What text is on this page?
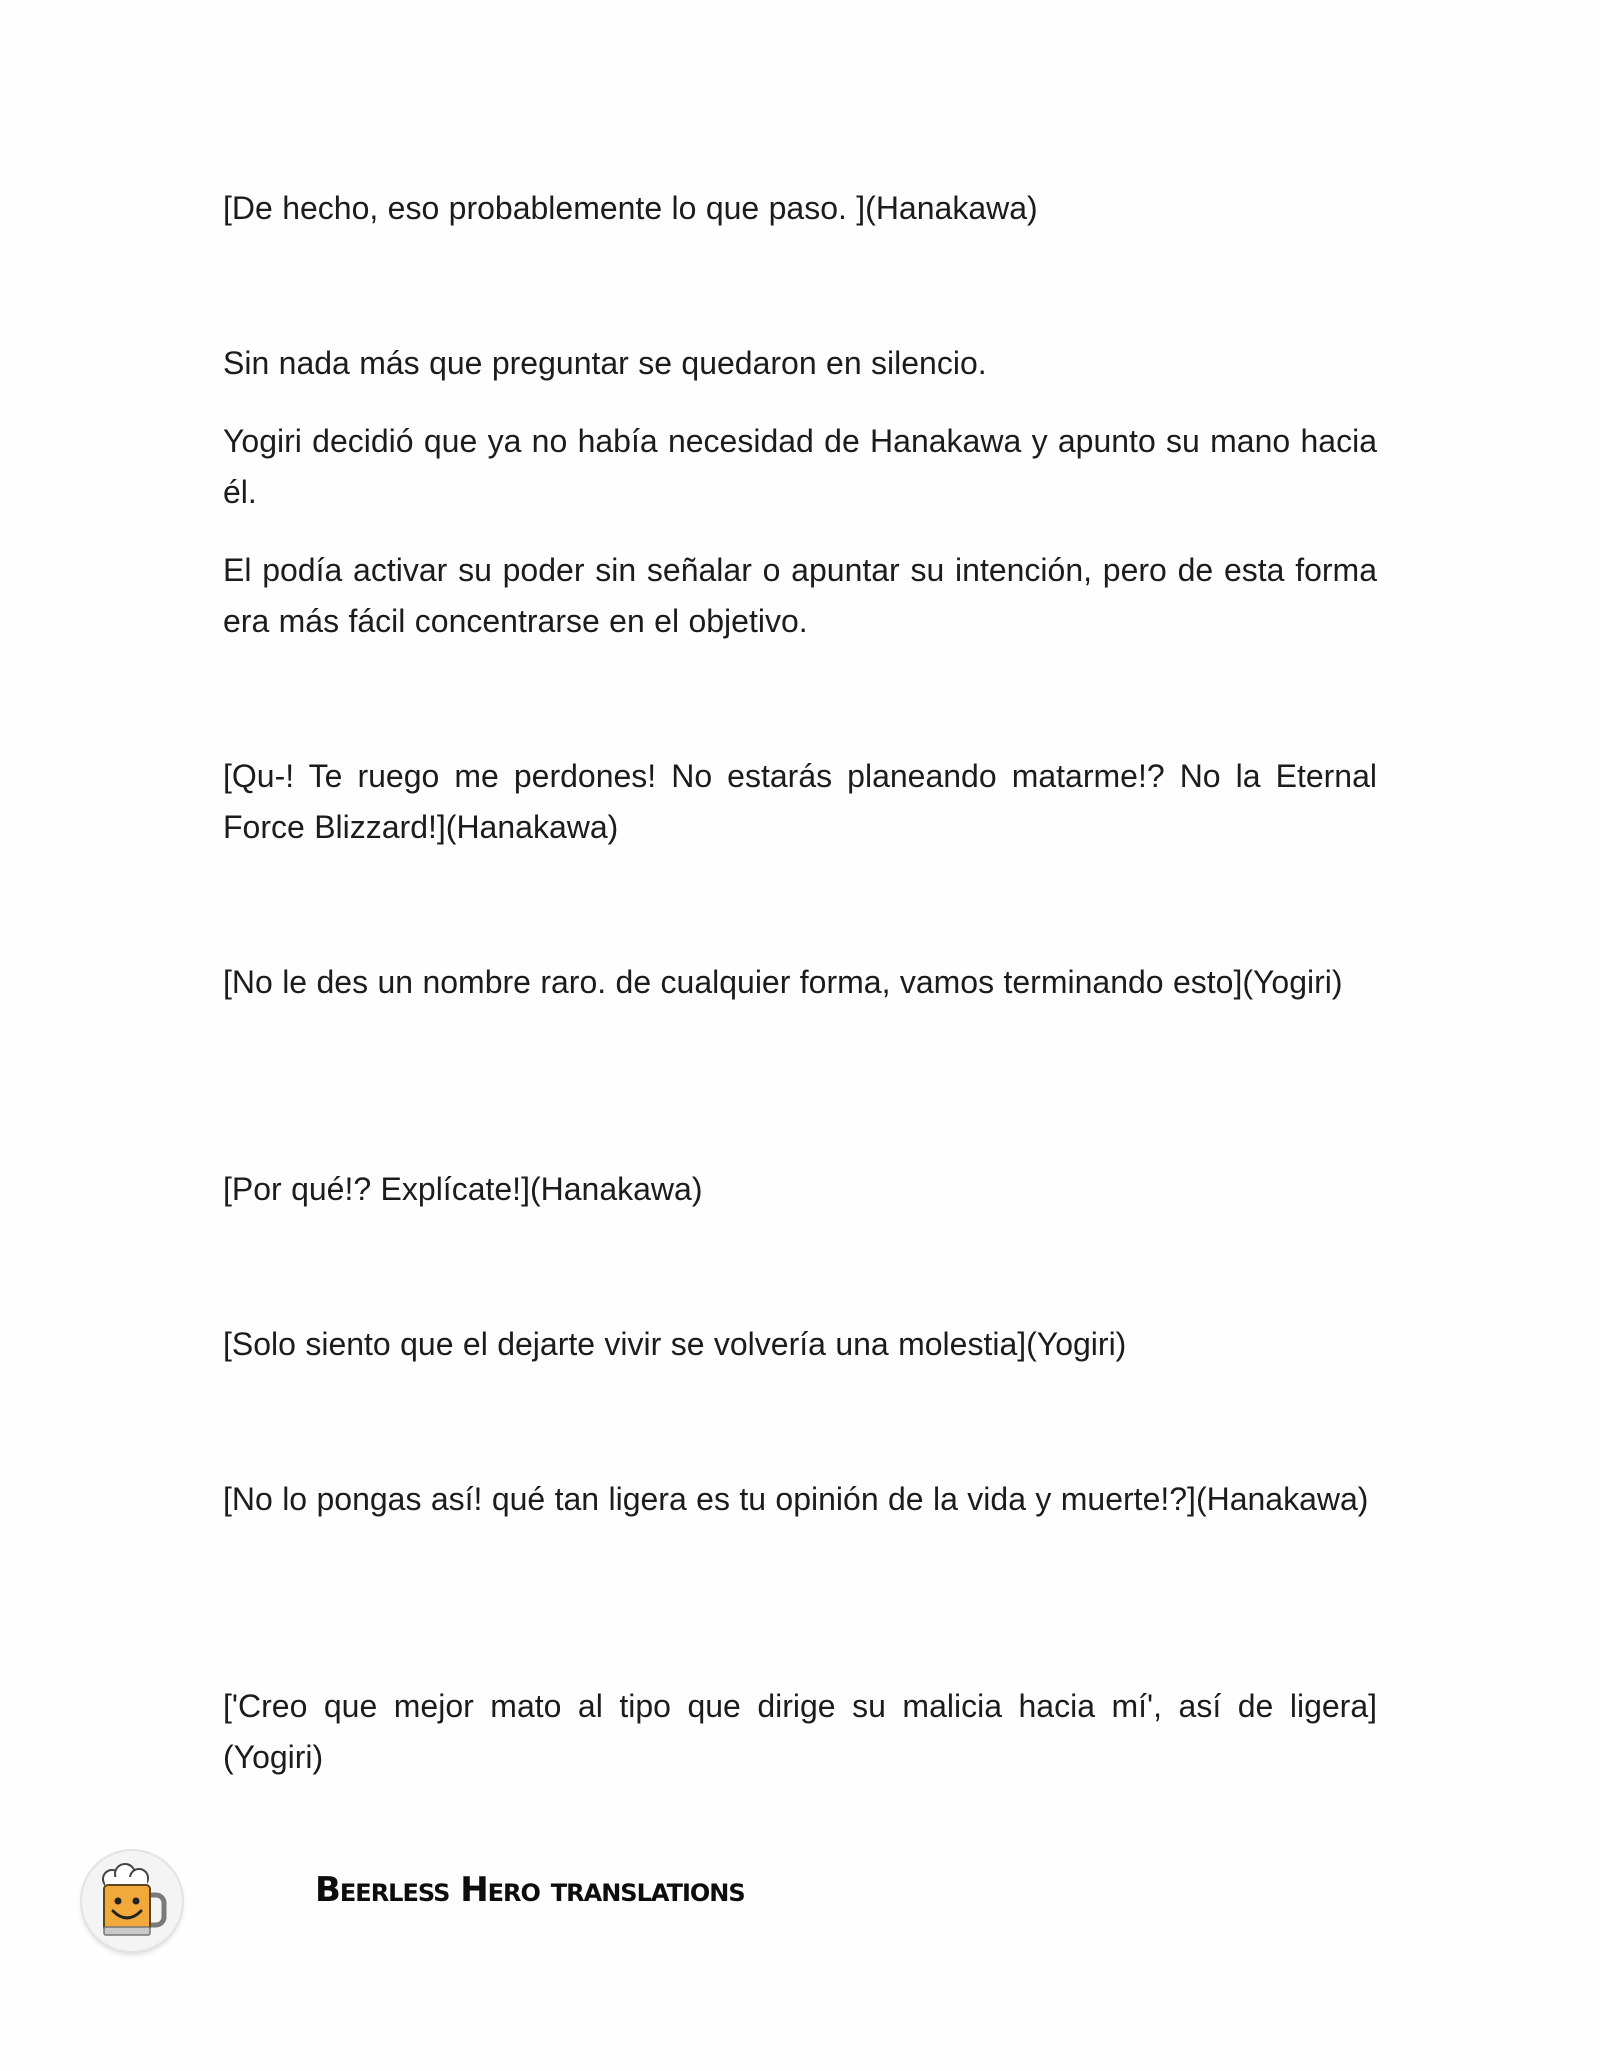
[De hecho, eso probablemente lo que paso. ](Hanakawa)

Sin nada más que preguntar se quedaron en silencio.

Yogiri decidió que ya no había necesidad de Hanakawa y apunto su mano hacia él.

El podía activar su poder sin señalar o apuntar su intención, pero de esta forma era más fácil concentrarse en el objetivo.

[Qu-! Te ruego me perdones! No estarás planeando matarme!? No la Eternal Force Blizzard!](Hanakawa)

[No le des un nombre raro. de cualquier forma, vamos terminando esto](Yogiri)

[Por qué!? Explícate!](Hanakawa)

[Solo siento que el dejarte vivir se volvería una molestia](Yogiri)

[No lo pongas así! qué tan ligera es tu opinión de la vida y muerte!?](Hanakawa)

['Creo que mejor mato al tipo que dirige su malicia hacia mí', así de ligera](Yogiri)

Beerless Hero translations
